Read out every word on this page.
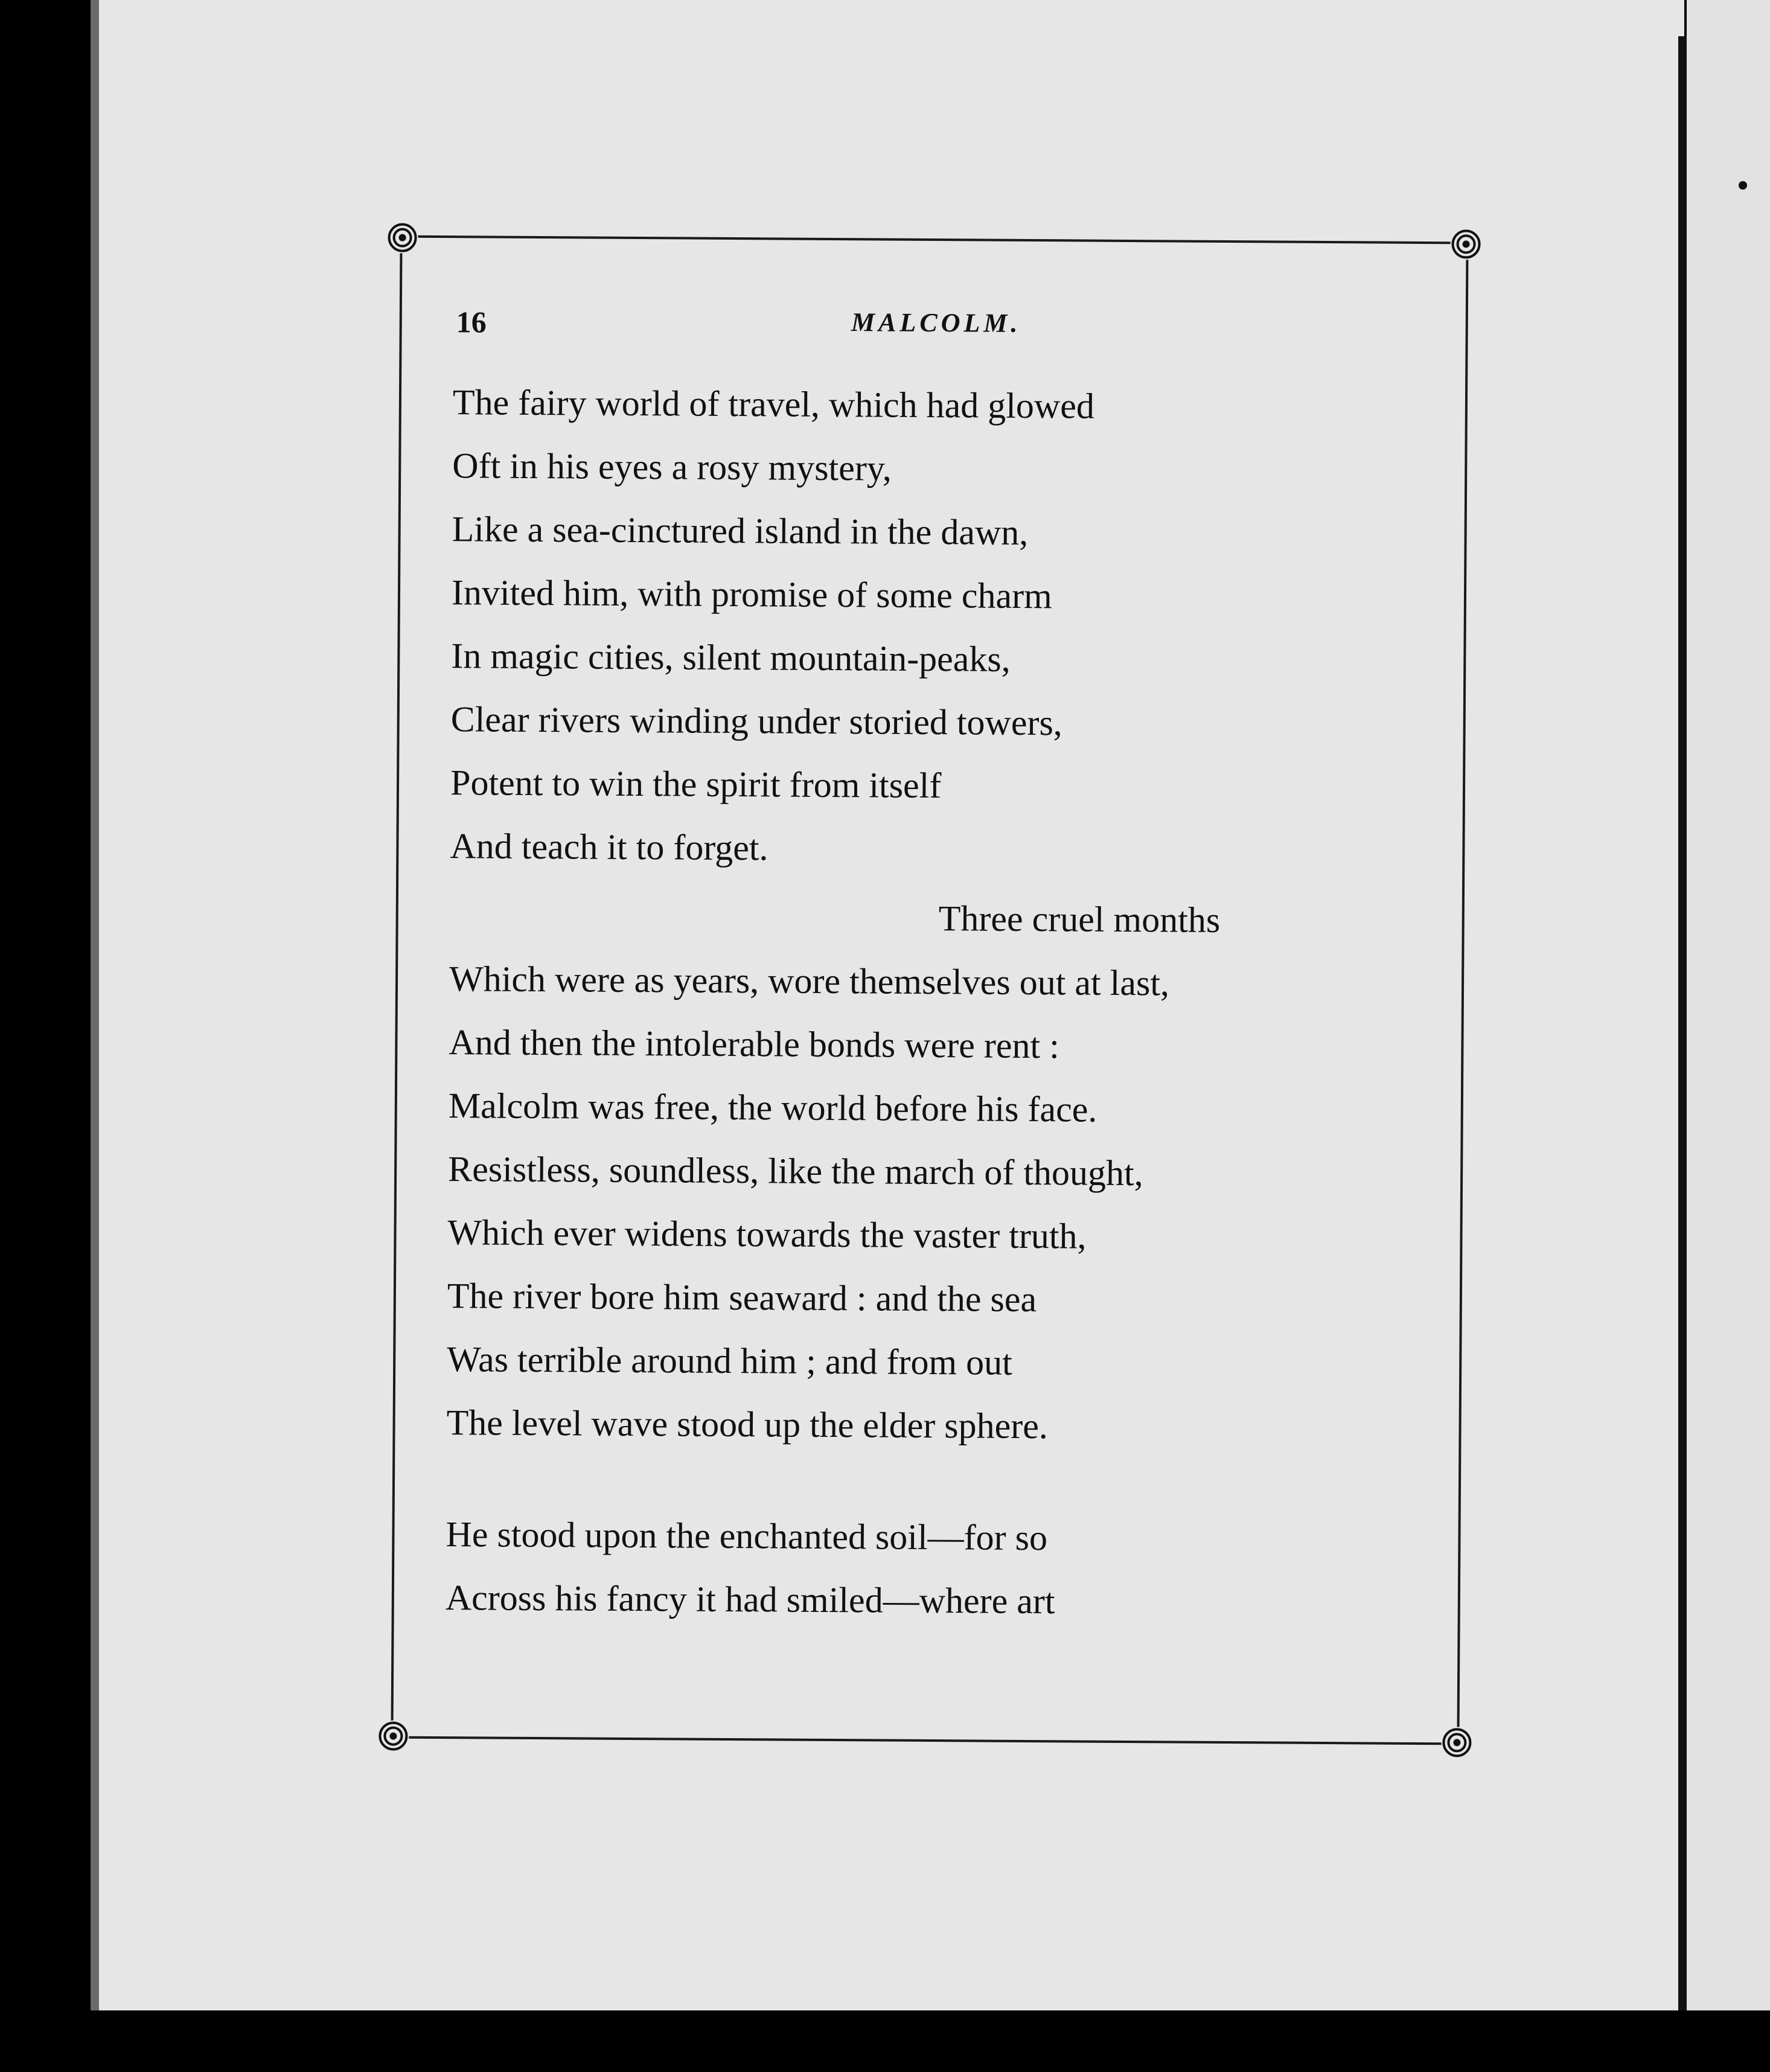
16	MALCOLM.
The fairy world of travel, which had glowed
Oft in his eyes a rosy mystery,
Like a sea-cinctured island in the dawn,
Invited him, with promise of some charm
In magic cities, silent mountain-peaks,
Clear rivers winding under storied towers,
Potent to win the spirit from itself
And teach it to forget.
Three cruel months
Which were as years, wore themselves out at last,
And then the intolerable bonds were rent :
Malcolm was free, the world before his face.
Resistless, soundless, like the march of thought,
Which ever widens towards the vaster truth,
The river bore him seaward : and the sea
Was terrible around him ; and from out
The level wave stood up the elder sphere.
He stood upon the enchanted soil—for so
Across his fancy it had smiled—where art
